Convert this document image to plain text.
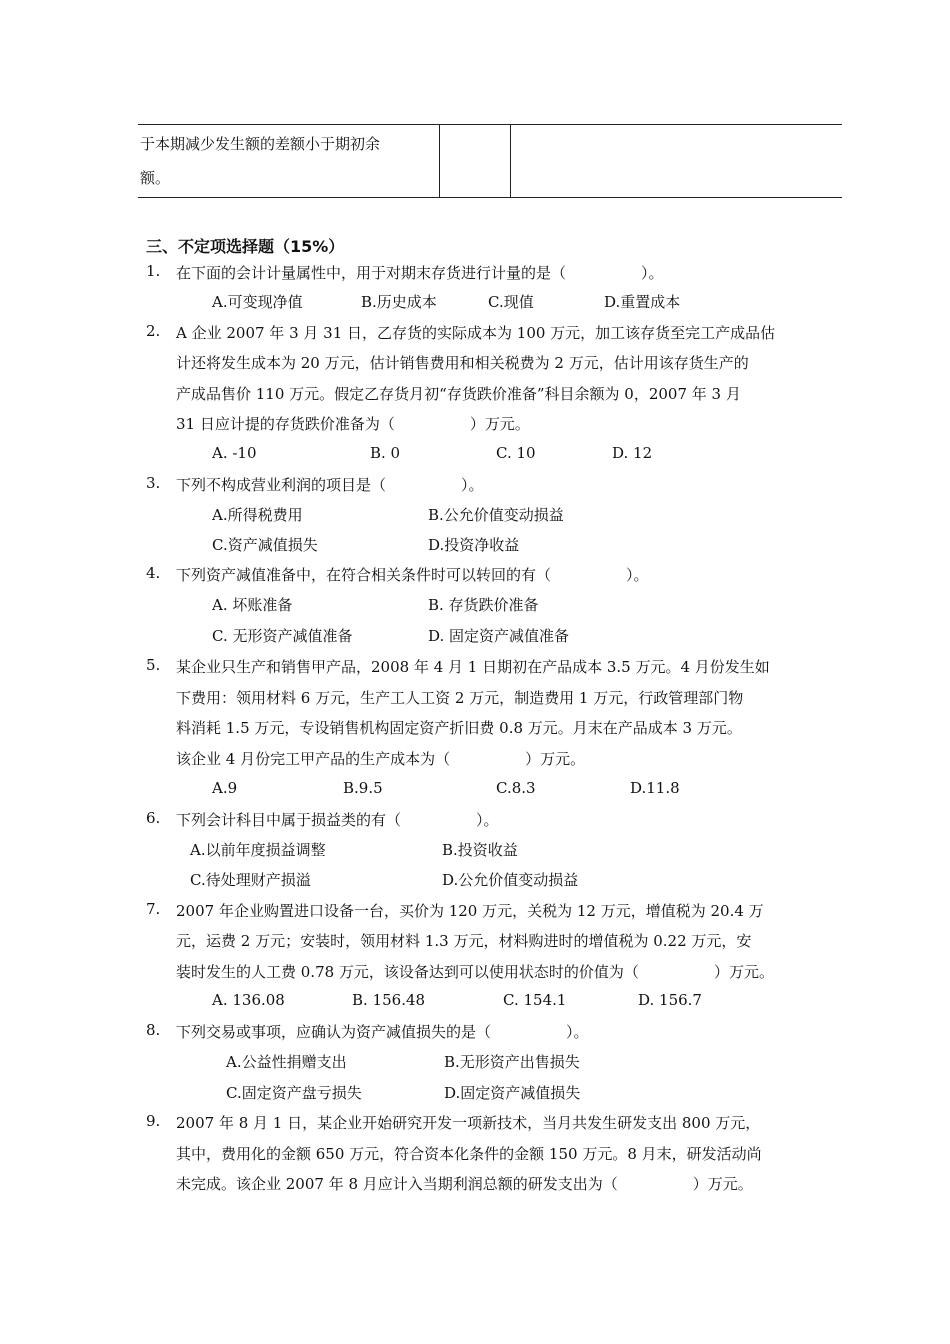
于本期减少发生额的差额小于期初余
额。
三、不定项选择题（15%）
1. 在下面的会计计量属性中，用于对期末存货进行计量的是（　　　　　）。
A.可变现净值	B.历史成本	C.现值	D.重置成本
2. A 企业 2007 年 3 月 31 日，乙存货的实际成本为 100 万元，加工该存货至完工产成品估
计还将发生成本为 20 万元，估计销售费用和相关税费为 2 万元，估计用该存货生产的
产成品售价 110 万元。假定乙存货月初“存货跌价准备”科目余额为 0，2007 年 3 月
31 日应计提的存货跌价准备为（　　　　　）万元。
A. -10	B. 0	C. 10	D. 12
3. 下列不构成营业利润的项目是（　　　　　）。
A.所得税费用	B.公允价值变动损益
C.资产减值损失	D.投资净收益
4. 下列资产减值准备中，在符合相关条件时可以转回的有（　　　　　）。
A. 坏账准备	B. 存货跌价准备
C. 无形资产减值准备	D. 固定资产减值准备
5. 某企业只生产和销售甲产品，2008 年 4 月 1 日期初在产品成本 3.5 万元。4 月份发生如
下费用：领用材料 6 万元，生产工人工资 2 万元，制造费用 1 万元，行政管理部门物
料消耗 1.5 万元，专设销售机构固定资产折旧费 0.8 万元。月末在产品成本 3 万元。
该企业 4 月份完工甲产品的生产成本为（　　　　　）万元。
A.9	B.9.5	C.8.3	D.11.8
6. 下列会计科目中属于损益类的有（　　　　　）。
A.以前年度损益调整	B.投资收益
C.待处理财产损溢	D.公允价值变动损益
7. 2007 年企业购置进口设备一台，买价为 120 万元，关税为 12 万元，增值税为 20.4 万
元，运费 2 万元；安装时，领用材料 1.3 万元，材料购进时的增值税为 0.22 万元，安
装时发生的人工费 0.78 万元，该设备达到可以使用状态时的价值为（　　　　　）万元。
A. 136.08	B. 156.48	C. 154.1	D. 156.7
8. 下列交易或事项，应确认为资产减值损失的是（　　　　　）。
A.公益性捐赠支出	B.无形资产出售损失
C.固定资产盘亏损失	D.固定资产减值损失
9. 2007 年 8 月 1 日，某企业开始研究开发一项新技术，当月共发生研发支出 800 万元，
其中，费用化的金额 650 万元，符合资本化条件的金额 150 万元。8 月末，研发活动尚
未完成。该企业 2007 年 8 月应计入当期利润总额的研发支出为（　　　　　）万元。
